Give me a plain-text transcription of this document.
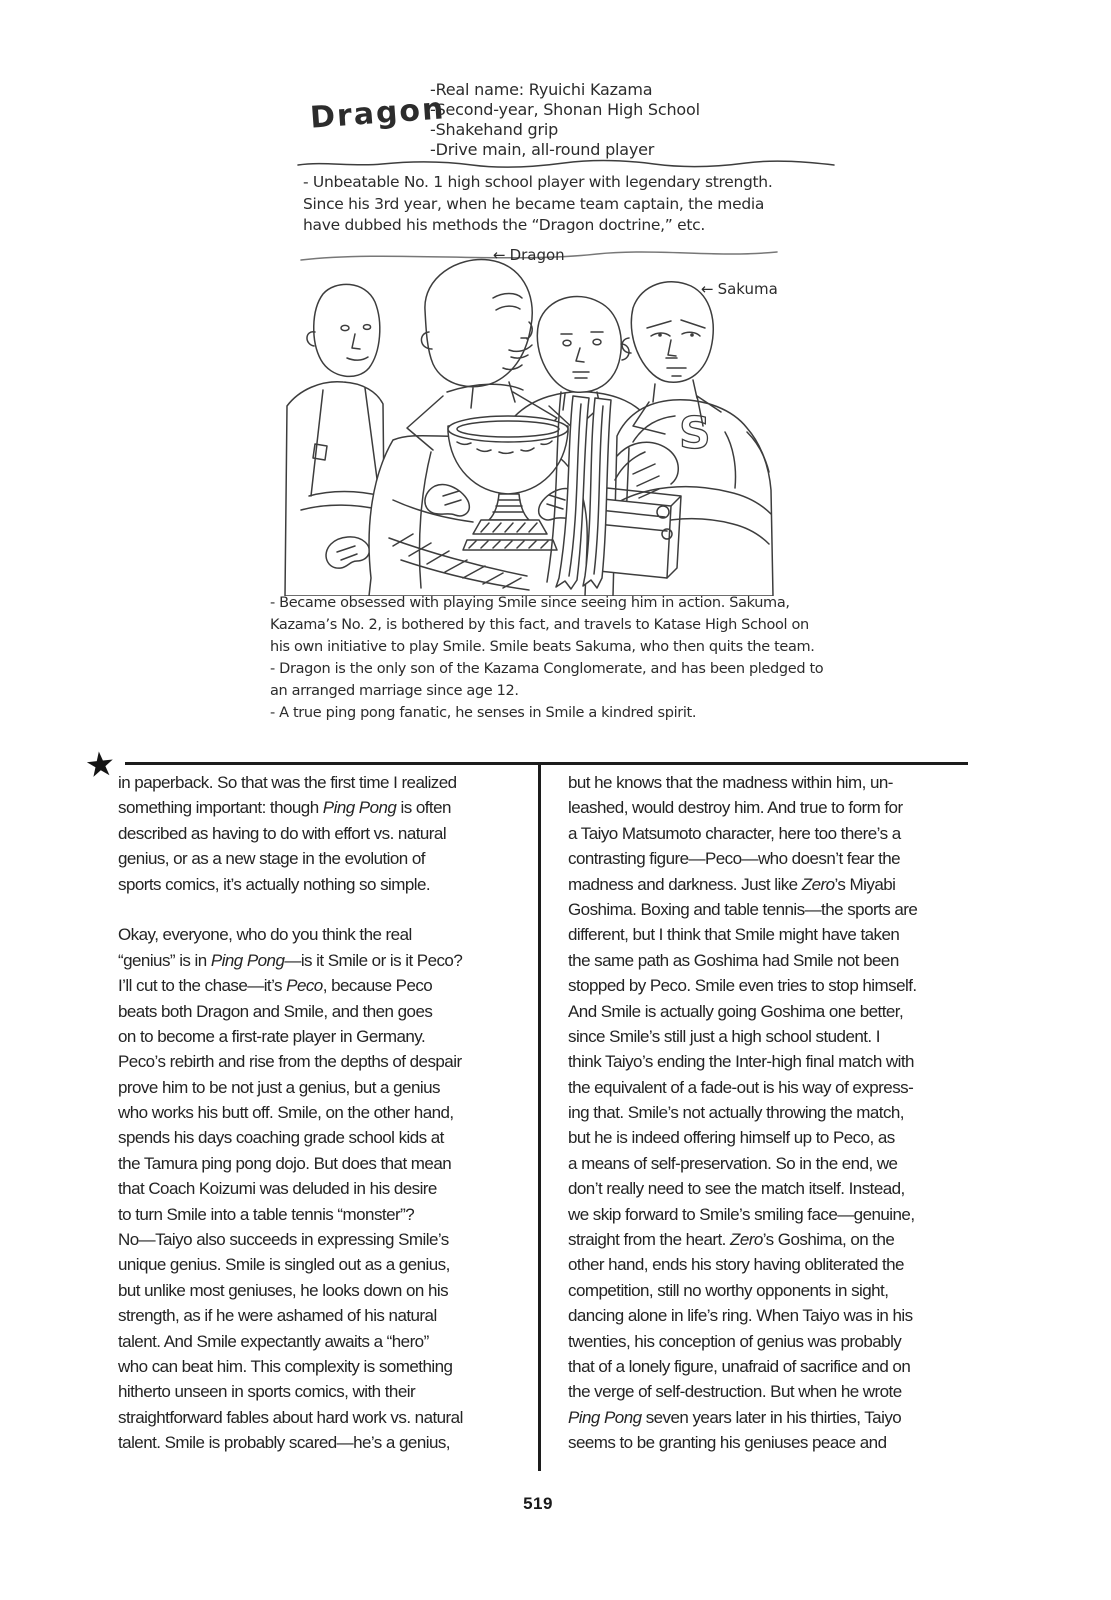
Dragon
-Real name: Ryuichi Kazama
-Second-year, Shonan High School
-Shakehand grip
-Drive main, all-round player
- Unbeatable No. 1 high school player with legendary strength.
Since his 3rd year, when he became team captain, the media
have dubbed his methods the “Dragon doctrine,” etc.
S
← Dragon
← Sakuma
- Became obsessed with playing Smile since seeing him in action. Sakuma,
Kazama’s No. 2, is bothered by this fact, and travels to Katase High School on
his own initiative to play Smile. Smile beats Sakuma, who then quits the team.
- Dragon is the only son of the Kazama Conglomerate, and has been pledged to
an arranged marriage since age 12.
- A true ping pong fanatic, he senses in Smile a kindred spirit.
★ in paperback. So that was the first time I realized
something important: though Ping Pong is often
described as having to do with effort vs. natural
genius, or as a new stage in the evolution of
sports comics, it’s actually nothing so simple.
Okay, everyone, who do you think the real
“genius” is in Ping Pong—is it Smile or is it Peco?
I’ll cut to the chase—it’s Peco, because Peco
beats both Dragon and Smile, and then goes
on to become a first-rate player in Germany.
Peco’s rebirth and rise from the depths of despair
prove him to be not just a genius, but a genius
who works his butt off. Smile, on the other hand,
spends his days coaching grade school kids at
the Tamura ping pong dojo. But does that mean
that Coach Koizumi was deluded in his desire
to turn Smile into a table tennis “monster”?
No—Taiyo also succeeds in expressing Smile’s
unique genius. Smile is singled out as a genius,
but unlike most geniuses, he looks down on his
strength, as if he were ashamed of his natural
talent. And Smile expectantly awaits a “hero”
who can beat him. This complexity is something
hitherto unseen in sports comics, with their
straightforward fables about hard work vs. natural
talent. Smile is probably scared—he’s a genius,
but he knows that the madness within him, un-
leashed, would destroy him. And true to form for
a Taiyo Matsumoto character, here too there’s a
contrasting figure—Peco—who doesn’t fear the
madness and darkness. Just like Zero’s Miyabi
Goshima. Boxing and table tennis—the sports are
different, but I think that Smile might have taken
the same path as Goshima had Smile not been
stopped by Peco. Smile even tries to stop himself.
And Smile is actually going Goshima one better,
since Smile’s still just a high school student. I
think Taiyo’s ending the Inter-high final match with
the equivalent of a fade-out is his way of express-
ing that. Smile’s not actually throwing the match,
but he is indeed offering himself up to Peco, as
a means of self-preservation. So in the end, we
don’t really need to see the match itself. Instead,
we skip forward to Smile’s smiling face—genuine,
straight from the heart. Zero’s Goshima, on the
other hand, ends his story having obliterated the
competition, still no worthy opponents in sight,
dancing alone in life’s ring. When Taiyo was in his
twenties, his conception of genius was probably
that of a lonely figure, unafraid of sacrifice and on
the verge of self-destruction. But when he wrote
Ping Pong seven years later in his thirties, Taiyo
seems to be granting his geniuses peace and
519
